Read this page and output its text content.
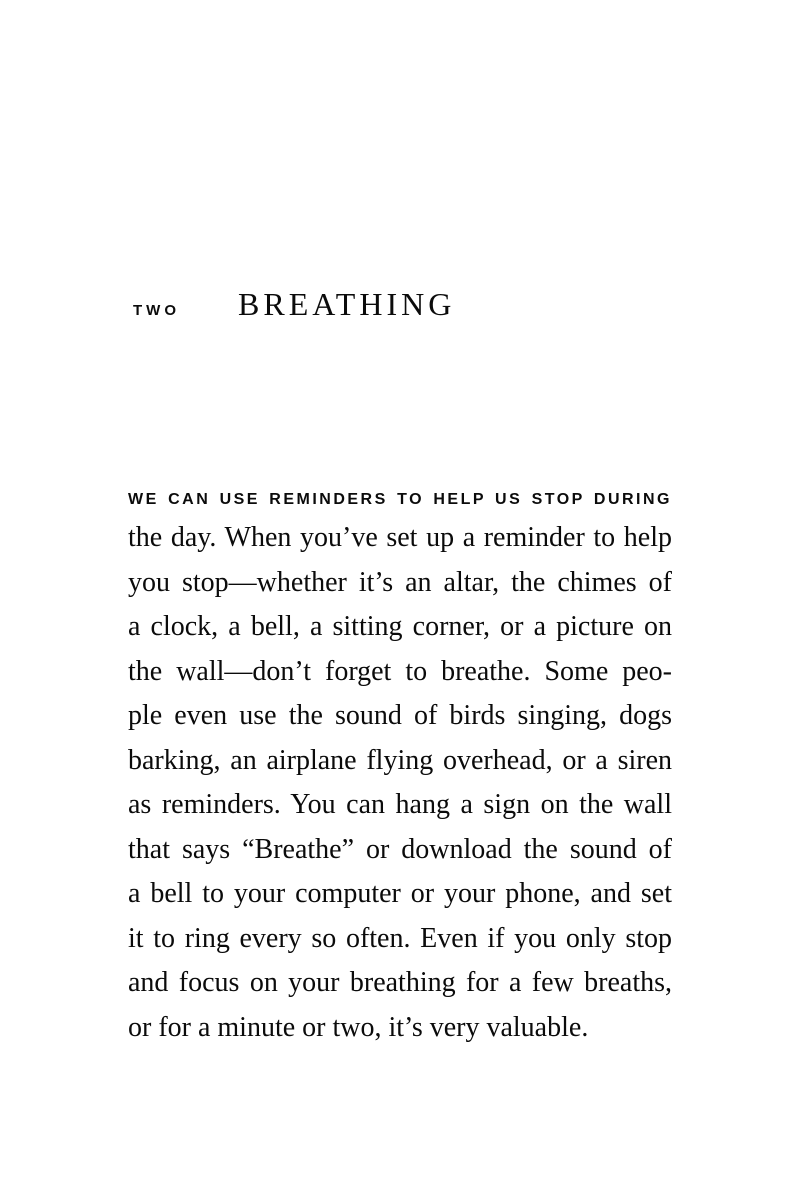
TWO BREATHING
WE CAN USE REMINDERS TO HELP US STOP DURING
the day. When you’ve set up a reminder to help
you stop—whether it’s an altar, the chimes of
a clock, a bell, a sitting corner, or a picture on
the wall—don’t forget to breathe. Some peo-
ple even use the sound of birds singing, dogs
barking, an airplane flying overhead, or a siren
as reminders. You can hang a sign on the wall
that says “Breathe” or download the sound of
a bell to your computer or your phone, and set
it to ring every so often. Even if you only stop
and focus on your breathing for a few breaths,
or for a minute or two, it’s very valuable.
